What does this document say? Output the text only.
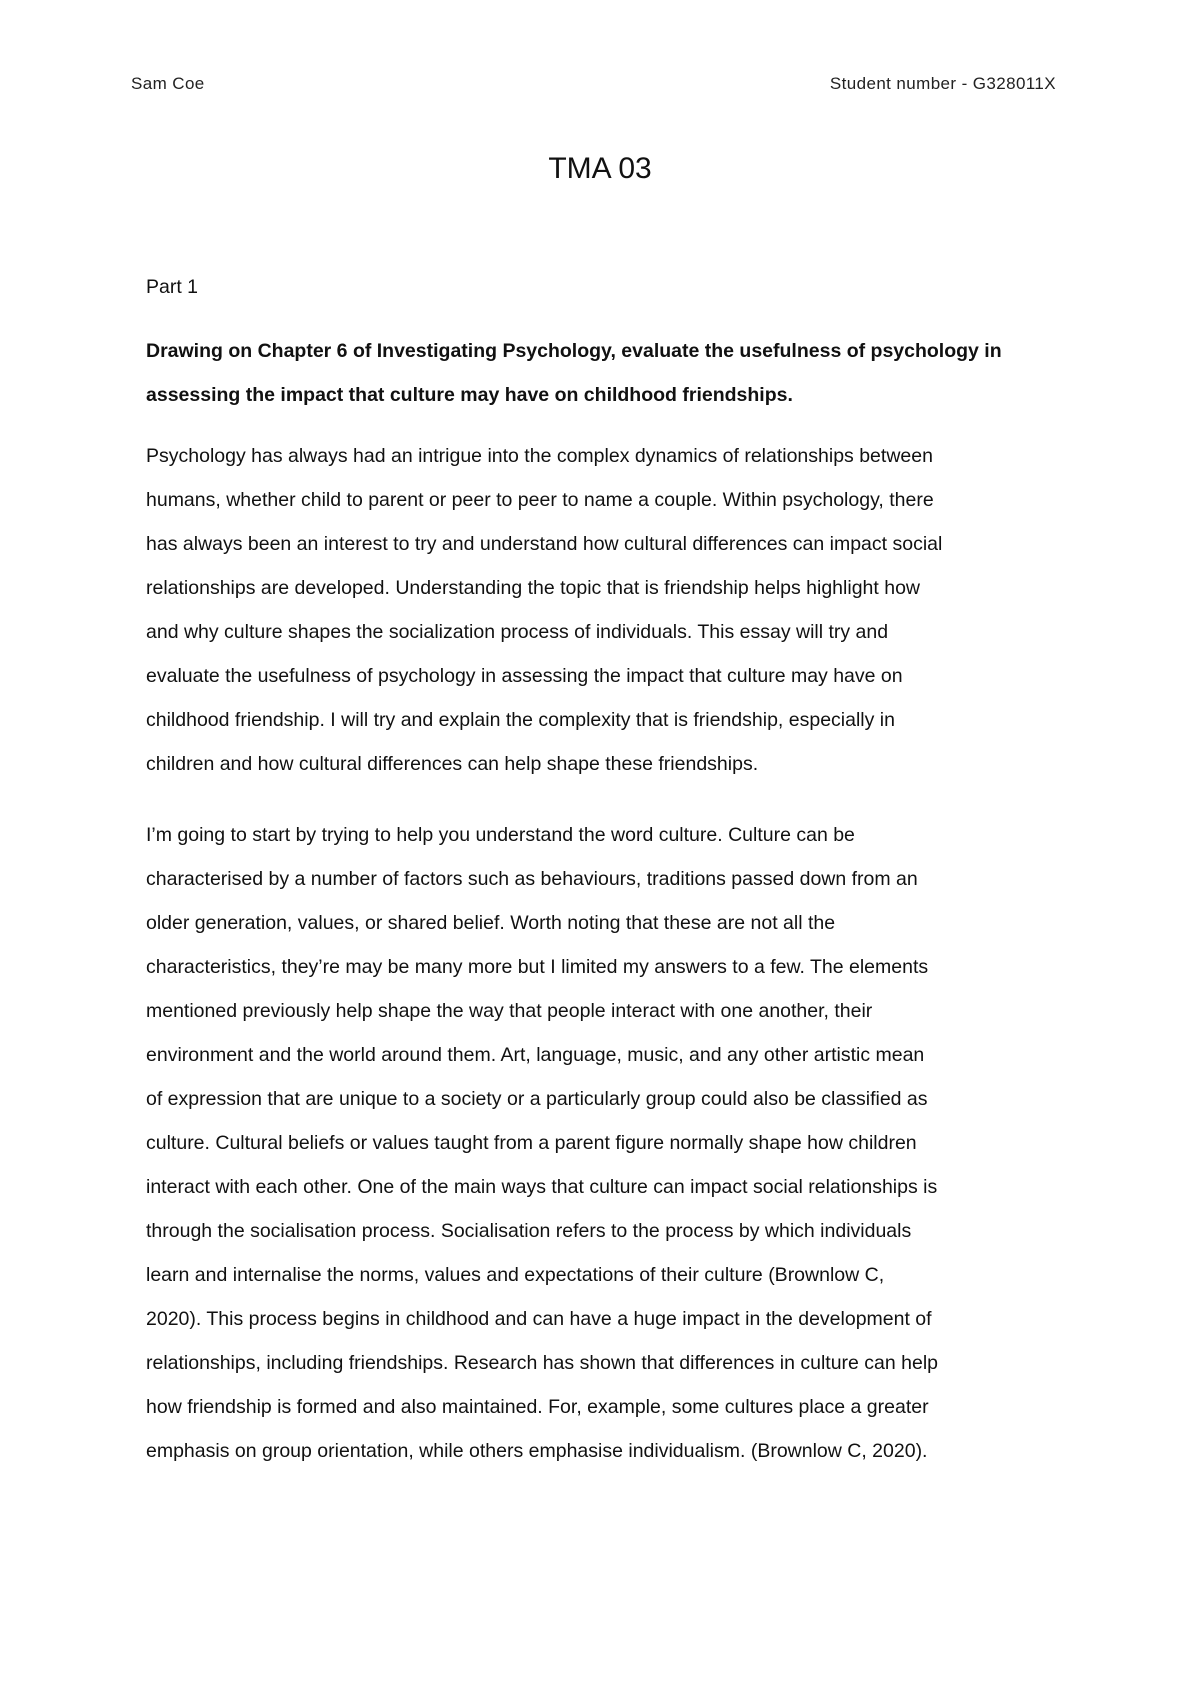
Sam Coe	Student number - G328011X
TMA 03
Part 1
Drawing on Chapter 6 of Investigating Psychology, evaluate the usefulness of psychology in
assessing the impact that culture may have on childhood friendships.
Psychology has always had an intrigue into the complex dynamics of relationships between
humans, whether child to parent or peer to peer to name a couple. Within psychology, there
has always been an interest to try and understand how cultural differences can impact social
relationships are developed. Understanding the topic that is friendship helps highlight how
and why culture shapes the socialization process of individuals. This essay will try and
evaluate the usefulness of psychology in assessing the impact that culture may have on
childhood friendship. I will try and explain the complexity that is friendship, especially in
children and how cultural differences can help shape these friendships.
I’m going to start by trying to help you understand the word culture. Culture can be
characterised by a number of factors such as behaviours, traditions passed down from an
older generation, values, or shared belief. Worth noting that these are not all the
characteristics, they’re may be many more but I limited my answers to a few. The elements
mentioned previously help shape the way that people interact with one another, their
environment and the world around them. Art, language, music, and any other artistic mean
of expression that are unique to a society or a particularly group could also be classified as
culture. Cultural beliefs or values taught from a parent figure normally shape how children
interact with each other. One of the main ways that culture can impact social relationships is
through the socialisation process. Socialisation refers to the process by which individuals
learn and internalise the norms, values and expectations of their culture (Brownlow C,
2020). This process begins in childhood and can have a huge impact in the development of
relationships, including friendships. Research has shown that differences in culture can help
how friendship is formed and also maintained. For, example, some cultures place a greater
emphasis on group orientation, while others emphasise individualism. (Brownlow C, 2020).
